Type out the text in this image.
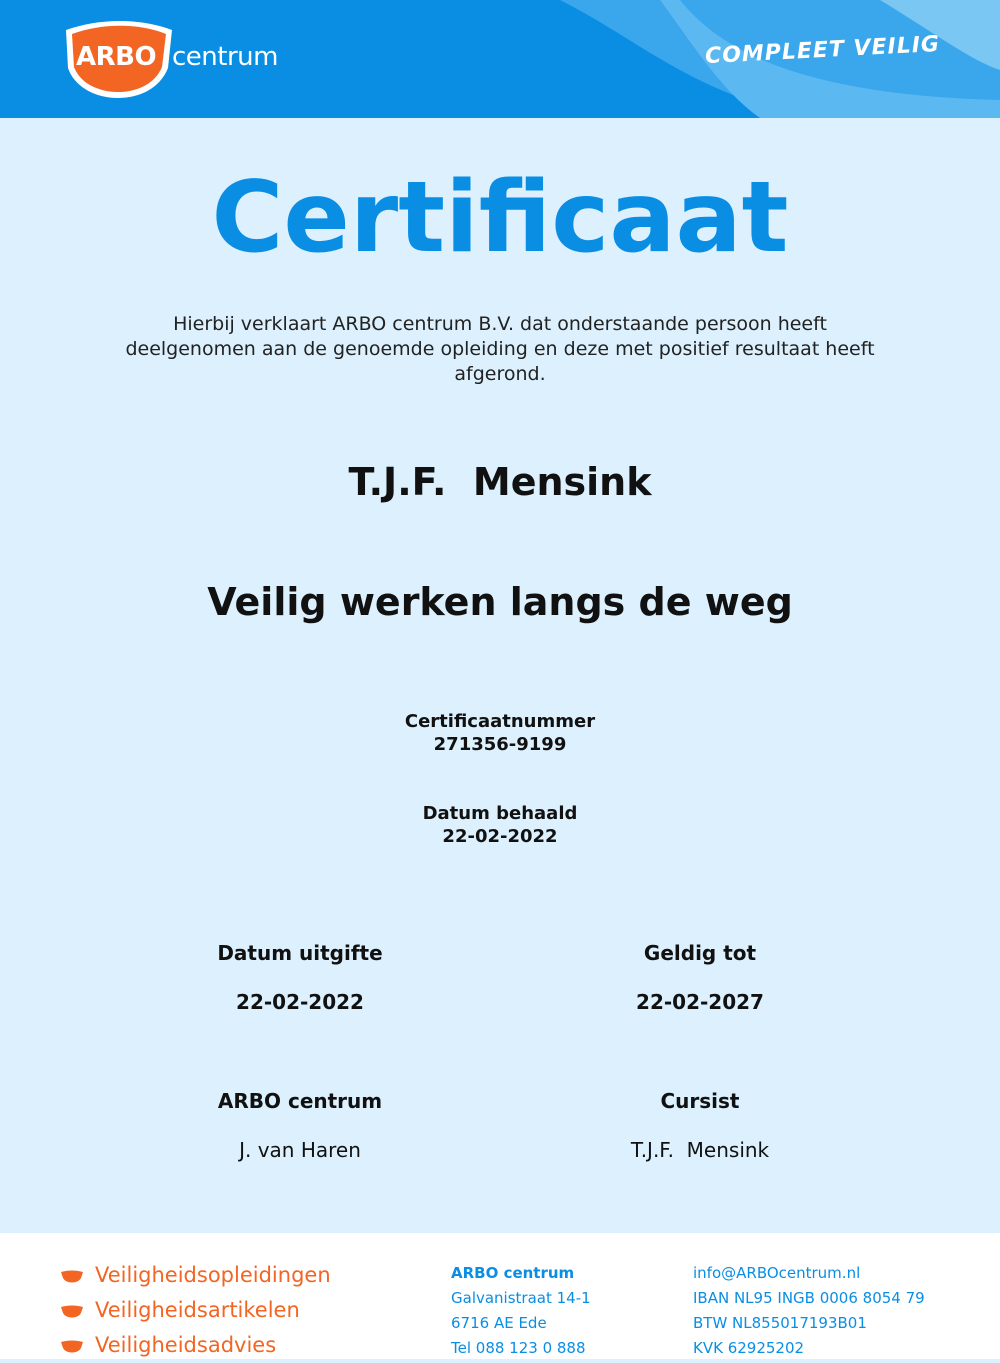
ARBO centrum	COMPLEET VEILIG
Certificaat
Hierbij verklaart ARBO centrum B.V. dat onderstaande persoon heeft deelgenomen aan de genoemde opleiding en deze met positief resultaat heeft afgerond.
T.J.F.  Mensink
Veilig werken langs de weg
Certificaatnummer
271356-9199
Datum behaald
22-02-2022
Datum uitgifte
22-02-2022
Geldig tot
22-02-2027
ARBO centrum
J. van Haren
Cursist
T.J.F.  Mensink
Veiligheidsopleidingen
Veiligheidsartikelen
Veiligheidsadvies
ARBO centrum
Galvanistraat 14-1
6716 AE Ede
Tel 088 123 0 888
info@ARBOcentrum.nl
IBAN NL95 INGB 0006 8054 79
BTW NL855017193B01
KVK 62925202
